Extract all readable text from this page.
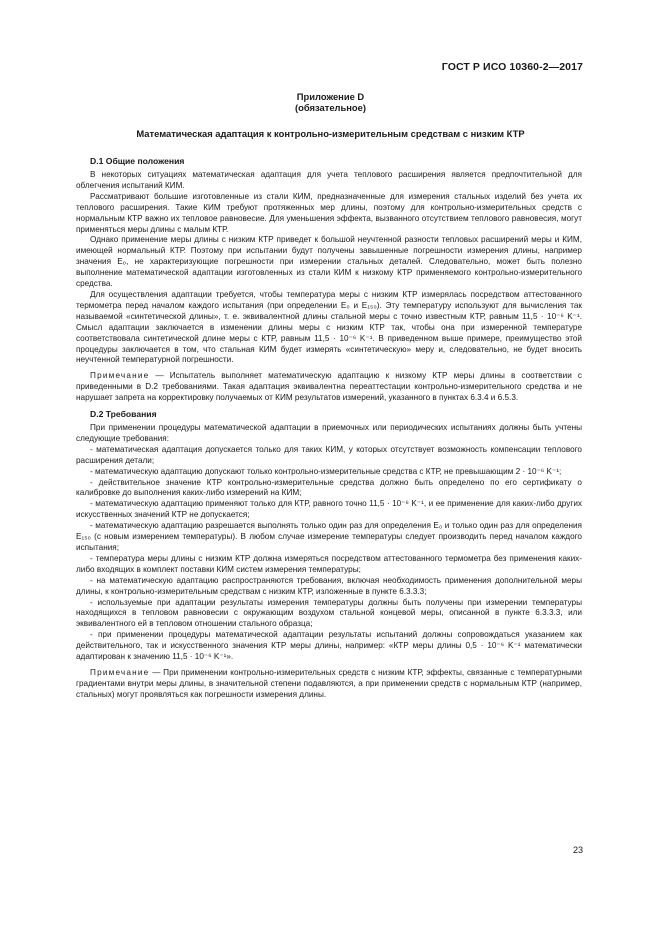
ГОСТ Р ИСО 10360-2—2017
Приложение D
(обязательное)
Математическая адаптация к контрольно-измерительным средствам с низким КТР
D.1 Общие положения

В некоторых ситуациях математическая адаптация для учета теплового расширения является предпочтительной для облегчения испытаний КИМ.

Рассматривают большие изготовленные из стали КИМ, предназначенные для измерения стальных изделий без учета их теплового расширения. Такие КИМ требуют протяженных мер длины, поэтому для контрольно-измерительных средств с нормальным КТР важно их тепловое равновесие. Для уменьшения эффекта, вызванного отсутствием теплового равновесия, могут применяться меры длины с малым КТР.

Однако применение меры длины с низким КТР приведет к большой неучтенной разности тепловых расширений меры и КИМ, имеющей нормальный КТР. Поэтому при испытании будут получены завышенные погрешности измерения длины, например значения E₀, не характеризующие погрешности при измерении стальных деталей. Следовательно, может быть полезно выполнение математической адаптации изготовленных из стали КИМ к низкому КТР применяемого контрольно-измерительного средства.

Для осуществления адаптации требуется, чтобы температура меры с низким КТР измерялась посредством аттестованного термометра перед началом каждого испытания (при определении E₀ и E₁₅₀). Эту температуру используют для вычисления так называемой «синтетической длины», т. е. эквивалентной длины стальной меры с точно известным КТР, равным 11,5 · 10⁻⁶ K⁻¹. Смысл адаптации заключается в изменении длины меры с низким КТР так, чтобы она при измеренной температуре соответствовала синтетической длине меры с КТР, равным 11,5 · 10⁻⁶ K⁻¹. В приведенном выше примере, преимущество этой процедуры заключается в том, что стальная КИМ будет измерять «синтетическую» меру и, следовательно, не будет вносить неучтенной температурной погрешности.

Примечание — Испытатель выполняет математическую адаптацию к низкому КТР меры длины в соответствии с приведенными в D.2 требованиями. Такая адаптация эквивалентна переаттестации контрольно-измерительного средства и не нарушает запрета на корректировку получаемых от КИМ результатов измерений, указанного в пунктах 6.3.4 и 6.5.3.

D.2 Требования

При применении процедуры математической адаптации в приемочных или периодических испытаниях должны быть учтены следующие требования:

- математическая адаптация допускается только для таких КИМ, у которых отсутствует возможность компенсации теплового расширения детали;

- математическую адаптацию допускают только контрольно-измерительные средства с КТР, не превышающим 2 · 10⁻⁶ K⁻¹;

- действительное значение КТР контрольно-измерительные средства должно быть определено по его сертификату о калибровке до выполнения каких-либо измерений на КИМ;

- математическую адаптацию применяют только для КТР, равного точно 11,5 · 10⁻⁶ K⁻¹, и ее применение для каких-либо других искусственных значений КТР не допускается;

- математическую адаптацию разрешается выполнять только один раз для определения E₀ и только один раз для определения E₁₅₀ (с новым измерением температуры). В любом случае измерение температуры следует производить перед началом каждого испытания;

- температура меры длины с низким КТР должна измеряться посредством аттестованного термометра без применения каких-либо входящих в комплект поставки КИМ систем измерения температуры;

- на математическую адаптацию распространяются требования, включая необходимость применения дополнительной меры длины, к контрольно-измерительным средствам с низким КТР, изложенные в пункте 6.3.3.3;

- используемые при адаптации результаты измерения температуры должны быть получены при измерении температуры находящихся в тепловом равновесии с окружающим воздухом стальной концевой меры, описанной в пункте 6.3.3.3, или эквивалентного ей в тепловом отношении стального образца;

- при применении процедуры математической адаптации результаты испытаний должны сопровождаться указанием как действительного, так и искусственного значения КТР меры длины, например: «КТР меры длины 0,5 · 10⁻⁶ K⁻¹ математически адаптирован к значению 11,5 · 10⁻⁶ K⁻¹».

Примечание — При применении контрольно-измерительных средств с низким КТР, эффекты, связанные с температурными градиентами внутри меры длины, в значительной степени подавляются, а при применении средств с нормальным КТР (например, стальных) могут проявляться как погрешности измерения длины.

23
